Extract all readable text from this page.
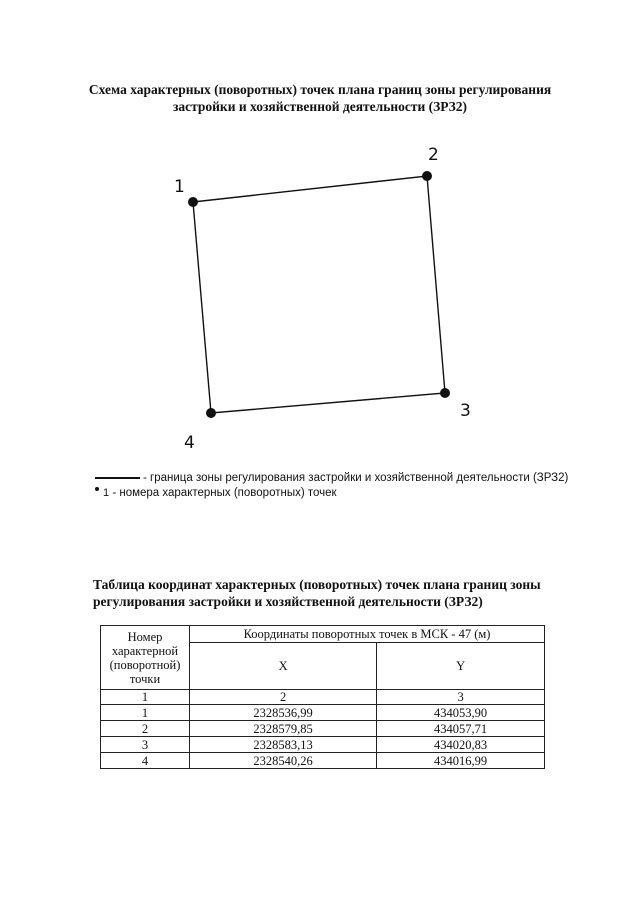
Схема характерных (поворотных) точек плана границ зоны регулирования застройки и хозяйственной деятельности (ЗРЗ2)
1
2
3
4
- граница зоны регулирования застройки и хозяйственной деятельности (ЗРЗ2)
1 - номера характерных (поворотных) точек
Таблица координат характерных (поворотных) точек плана границ зоны регулирования застройки и хозяйственной деятельности (ЗРЗ2)
Номер характерной (поворотной) точки	Координаты поворотных точек в МСК - 47 (м)	
	X	Y
1	2	3
1	2328536,99	434053,90
2	2328579,85	434057,71
3	2328583,13	434020,83
4	2328540,26	434016,99
